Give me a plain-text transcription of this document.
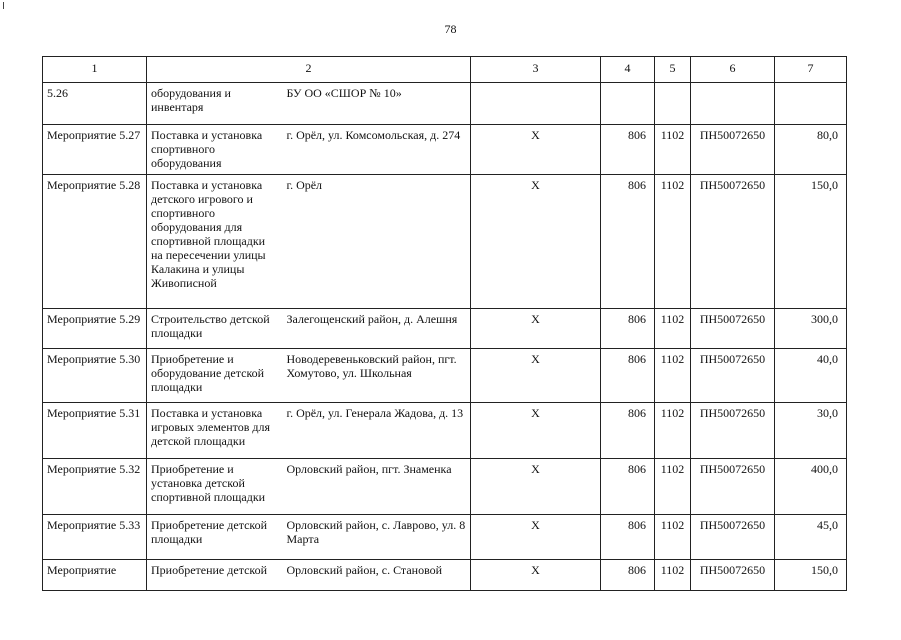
78
1	2		3	4	5	6	7
5.26	оборудования и инвентаря	БУ ОО «СШОР № 10»					
Мероприятие 5.27	Поставка и установка спортивного оборудования	г. Орёл, ул. Комсомольская, д. 274	X	806	1102	ПН50072650	80,0
Мероприятие 5.28	Поставка и установка детского игрового и спортивного оборудования для спортивной площадки на пересечении улицы Калакина и улицы Живописной	г. Орёл	X	806	1102	ПН50072650	150,0
Мероприятие 5.29	Строительство детской площадки	Залегощенский район, д. Алешня	X	806	1102	ПН50072650	300,0
Мероприятие 5.30	Приобретение и оборудование детской площадки	Новодеревеньковский район, пгт. Хомутово, ул. Школьная	X	806	1102	ПН50072650	40,0
Мероприятие 5.31	Поставка и установка игровых элементов для детской площадки	г. Орёл, ул. Генерала Жадова, д. 13	X	806	1102	ПН50072650	30,0
Мероприятие 5.32	Приобретение и установка детской спортивной площадки	Орловский район, пгт. Знаменка	X	806	1102	ПН50072650	400,0
Мероприятие 5.33	Приобретение детской площадки	Орловский район, с. Лаврово, ул. 8 Марта	X	806	1102	ПН50072650	45,0
Мероприятие	Приобретение детской	Орловский район, с. Становой	X	806	1102	ПН50072650	150,0
